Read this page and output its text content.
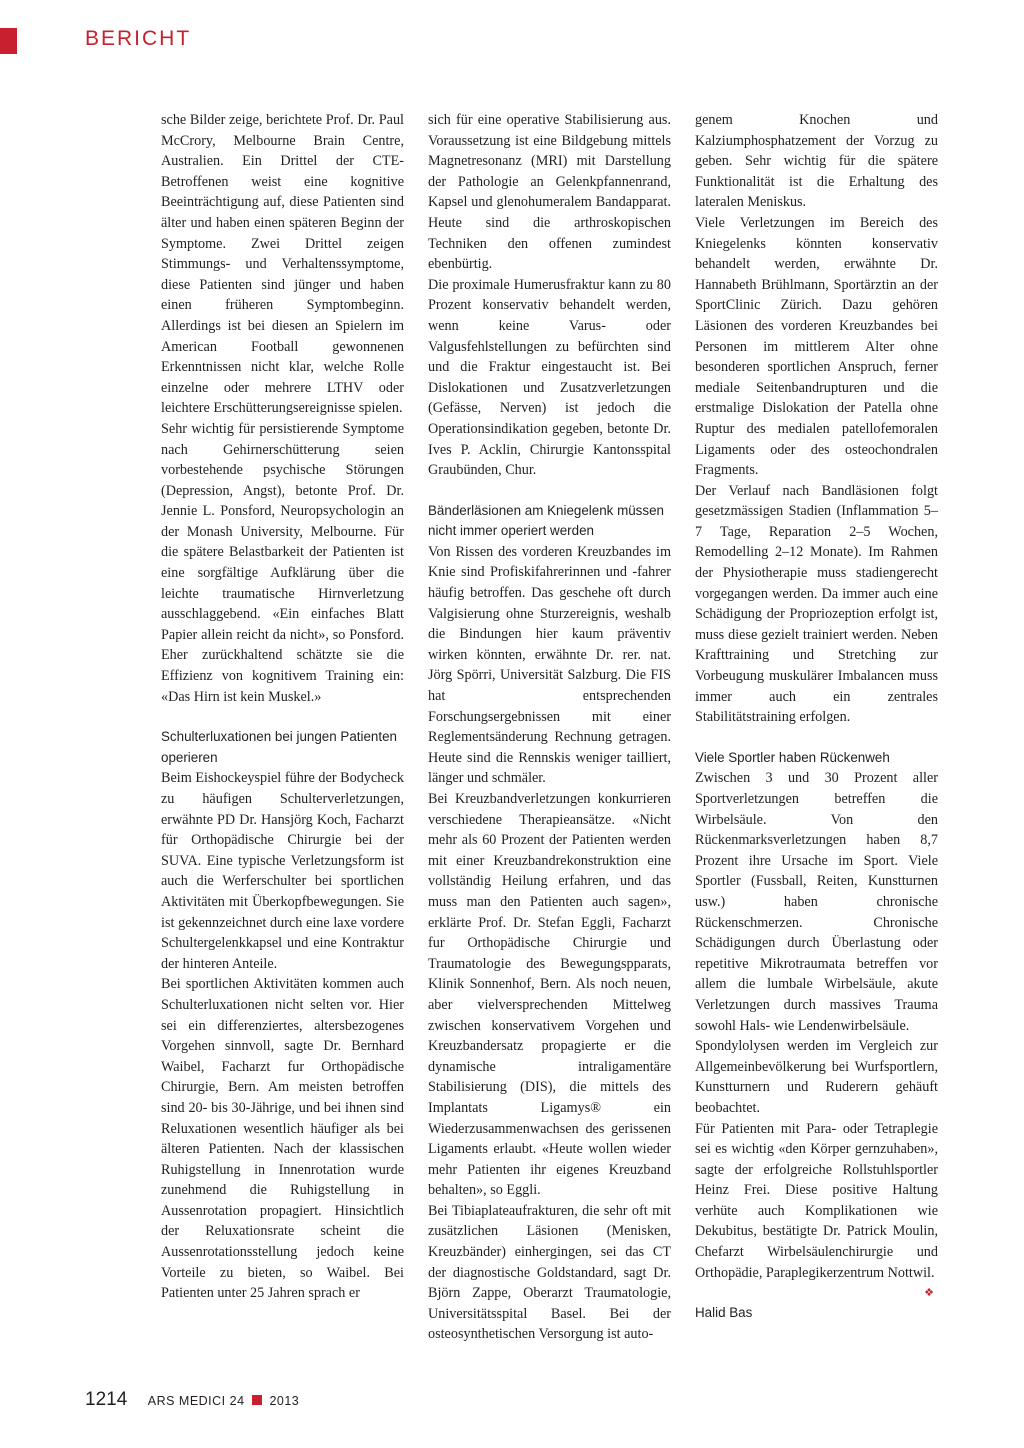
BERICHT

sche Bilder zeige, berichtete Prof. Dr. Paul McCrory, Melbourne Brain Centre, Australien. Ein Drittel der CTE-Betroffenen weist eine kognitive Beeinträchtigung auf, diese Patienten sind älter und haben einen späteren Beginn der Symptome. Zwei Drittel zeigen Stimmungs- und Verhaltenssymptome, diese Patienten sind jünger und haben einen früheren Symptombeginn. Allerdings ist bei diesen an Spielern im American Football gewonnenen Erkenntnissen nicht klar, welche Rolle einzelne oder mehrere LTHV oder leichtere Erschütterungsereignisse spielen.

Sehr wichtig für persistierende Symptome nach Gehirnerschütterung seien vorbestehende psychische Störungen (Depression, Angst), betonte Prof. Dr. Jennie L. Ponsford, Neuropsychologin an der Monash University, Melbourne. Für die spätere Belastbarkeit der Patienten ist eine sorgfältige Aufklärung über die leichte traumatische Hirnverletzung ausschlaggebend. «Ein einfaches Blatt Papier allein reicht da nicht», so Ponsford. Eher zurückhaltend schätzte sie die Effizienz von kognitivem Training ein: «Das Hirn ist kein Muskel.»

Schulterluxationen bei jungen Patienten operieren

Beim Eishockeyspiel führe der Bodycheck zu häufigen Schulterverletzungen, erwähnte PD Dr. Hansjörg Koch, Facharzt für Orthopädische Chirurgie bei der SUVA. Eine typische Verletzungsform ist auch die Werferschulter bei sportlichen Aktivitäten mit Überkopfbewegungen. Sie ist gekennzeichnet durch eine laxe vordere Schultergelenkkapsel und eine Kontraktur der hinteren Anteile.

Bei sportlichen Aktivitäten kommen auch Schulterluxationen nicht selten vor. Hier sei ein differenziertes, altersbezogenes Vorgehen sinnvoll, sagte Dr. Bernhard Waibel, Facharzt fur Orthopädische Chirurgie, Bern. Am meisten betroffen sind 20- bis 30-Jährige, und bei ihnen sind Reluxationen wesentlich häufiger als bei älteren Patienten. Nach der klassischen Ruhigstellung in Innenrotation wurde zunehmend die Ruhigstellung in Aussenrotation propagiert. Hinsichtlich der Reluxationsrate scheint die Aussenrotationsstellung jedoch keine Vorteile zu bieten, so Waibel. Bei Patienten unter 25 Jahren sprach er

sich für eine operative Stabilisierung aus. Voraussetzung ist eine Bildgebung mittels Magnetresonanz (MRI) mit Darstellung der Pathologie an Gelenkpfannenrand, Kapsel und glenohumeralem Bandapparat. Heute sind die arthroskopischen Techniken den offenen zumindest ebenbürtig.

Die proximale Humerusfraktur kann zu 80 Prozent konservativ behandelt werden, wenn keine Varus- oder Valgusfehlstellungen zu befürchten sind und die Fraktur eingestaucht ist. Bei Dislokationen und Zusatzverletzungen (Gefässe, Nerven) ist jedoch die Operationsindikation gegeben, betonte Dr. Ives P. Acklin, Chirurgie Kantonsspital Graubünden, Chur.

Bänderläsionen am Kniegelenk müssen nicht immer operiert werden

Von Rissen des vorderen Kreuzbandes im Knie sind Profiskifahrerinnen und -fahrer häufig betroffen. Das geschehe oft durch Valgisierung ohne Sturzereignis, weshalb die Bindungen hier kaum präventiv wirken könnten, erwähnte Dr. rer. nat. Jörg Spörri, Universität Salzburg. Die FIS hat entsprechenden Forschungsergebnissen mit einer Reglementsänderung Rechnung getragen. Heute sind die Rennskis weniger tailliert, länger und schmäler.

Bei Kreuzbandverletzungen konkurrieren verschiedene Therapieansätze. «Nicht mehr als 60 Prozent der Patienten werden mit einer Kreuzbandrekonstruktion eine vollständig Heilung erfahren, und das muss man den Patienten auch sagen», erklärte Prof. Dr. Stefan Eggli, Facharzt fur Orthopädische Chirurgie und Traumatologie des Bewegungspparats, Klinik Sonnenhof, Bern. Als noch neuen, aber vielversprechenden Mittelweg zwischen konservativem Vorgehen und Kreuzbandersatz propagierte er die dynamische intraligamentäre Stabilisierung (DIS), die mittels des Implantats Ligamys® ein Wiederzusammenwachsen des gerissenen Ligaments erlaubt. «Heute wollen wieder mehr Patienten ihr eigenes Kreuzband behalten», so Eggli.

Bei Tibiaplateaufrakturen, die sehr oft mit zusätzlichen Läsionen (Menisken, Kreuzbänder) einhergingen, sei das CT der diagnostische Goldstandard, sagt Dr. Björn Zappe, Oberarzt Traumatologie, Universitätsspital Basel. Bei der osteosynthetischen Versorgung ist auto-

genem Knochen und Kalziumphosphatzement der Vorzug zu geben. Sehr wichtig für die spätere Funktionalität ist die Erhaltung des lateralen Meniskus.

Viele Verletzungen im Bereich des Kniegelenks könnten konservativ behandelt werden, erwähnte Dr. Hannabeth Brühlmann, Sportärztin an der SportClinic Zürich. Dazu gehören Läsionen des vorderen Kreuzbandes bei Personen im mittlerem Alter ohne besonderen sportlichen Anspruch, ferner mediale Seitenbandrupturen und die erstmalige Dislokation der Patella ohne Ruptur des medialen patellofemoralen Ligaments oder des osteochondralen Fragments.

Der Verlauf nach Bandläsionen folgt gesetzmässigen Stadien (Inflammation 5–7 Tage, Reparation 2–5 Wochen, Remodelling 2–12 Monate). Im Rahmen der Physiotherapie muss stadiengerecht vorgegangen werden. Da immer auch eine Schädigung der Propriozeption erfolgt ist, muss diese gezielt trainiert werden. Neben Krafttraining und Stretching zur Vorbeugung muskulärer Imbalancen muss immer auch ein zentrales Stabilitätstraining erfolgen.

Viele Sportler haben Rückenweh

Zwischen 3 und 30 Prozent aller Sportverletzungen betreffen die Wirbelsäule. Von den Rückenmarksverletzungen haben 8,7 Prozent ihre Ursache im Sport. Viele Sportler (Fussball, Reiten, Kunstturnen usw.) haben chronische Rückenschmerzen. Chronische Schädigungen durch Überlastung oder repetitive Mikrotraumata betreffen vor allem die lumbale Wirbelsäule, akute Verletzungen durch massives Trauma sowohl Hals- wie Lendenwirbelsäule.

Spondylolysen werden im Vergleich zur Allgemeinbevölkerung bei Wurfsportlern, Kunstturnern und Ruderern gehäuft beobachtet.

Für Patienten mit Para- oder Tetraplegie sei es wichtig «den Körper gernzuhaben», sagte der erfolgreiche Rollstuhlsportler Heinz Frei. Diese positive Haltung verhüte auch Komplikationen wie Dekubitus, bestätigte Dr. Patrick Moulin, Chefarzt Wirbelsäulenchirurgie und Orthopädie, Paraplegikerzentrum Nottwil.
❖

Halid Bas

1214 ARS MEDICI 24 2013
